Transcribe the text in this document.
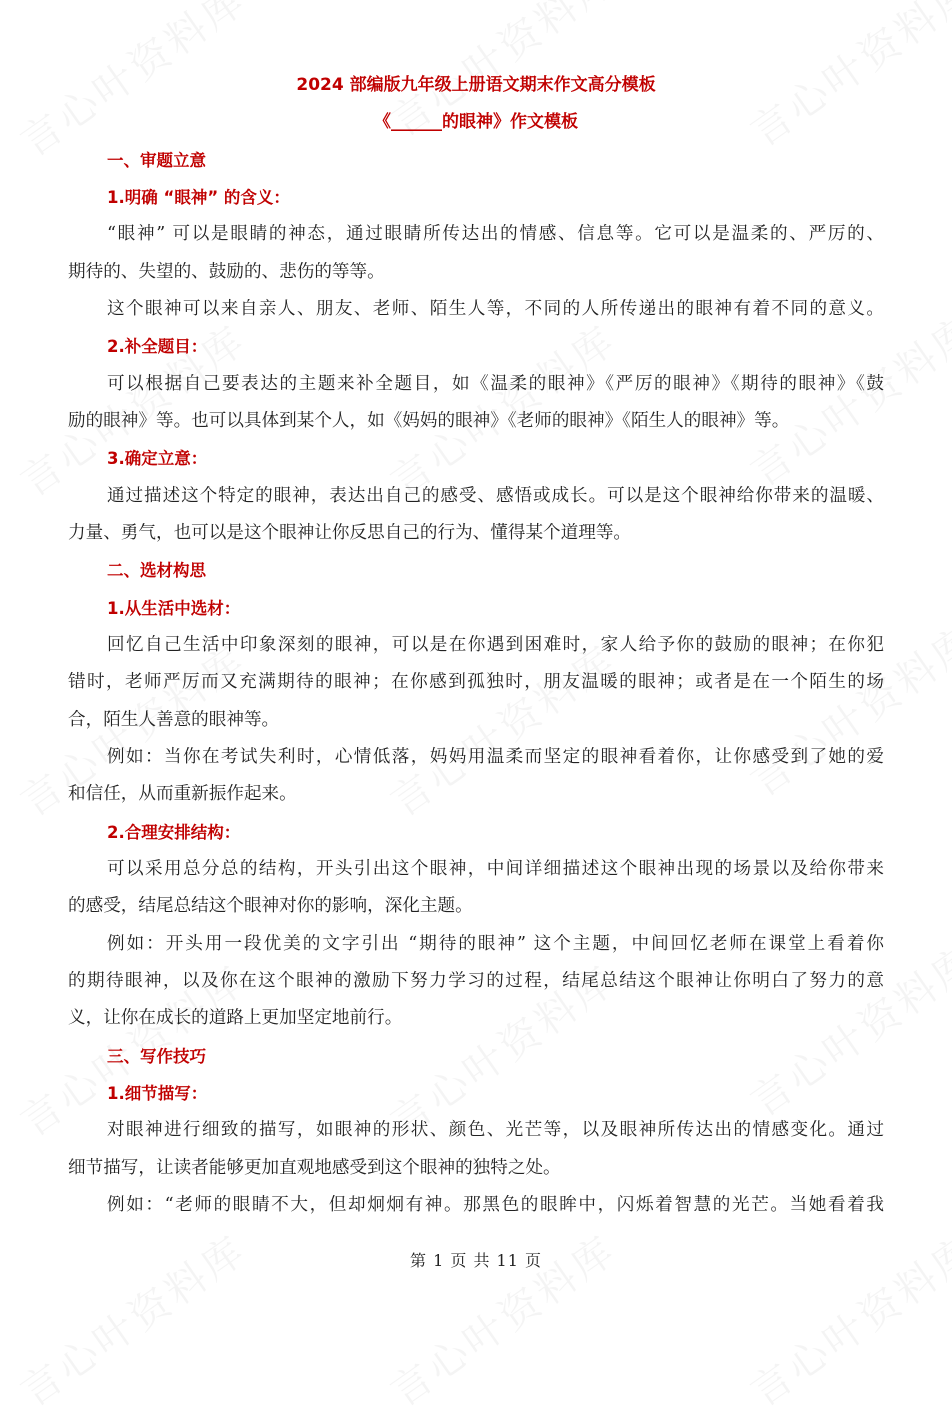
2024 部编版九年级上册语文期末作文高分模板
《______的眼神》作文模板
一、审题立意
1.明确 “眼神” 的含义：
“眼神” 可以是眼睛的神态，通过眼睛所传达出的情感、信息等。它可以是温柔的、严厉的、
期待的、失望的、鼓励的、悲伤的等等。
这个眼神可以来自亲人、朋友、老师、陌生人等，不同的人所传递出的眼神有着不同的意义。
2.补全题目：
可以根据自己要表达的主题来补全题目，如《温柔的眼神》《严厉的眼神》《期待的眼神》《鼓
励的眼神》等。也可以具体到某个人，如《妈妈的眼神》《老师的眼神》《陌生人的眼神》等。
3.确定立意：
通过描述这个特定的眼神，表达出自己的感受、感悟或成长。可以是这个眼神给你带来的温暖、
力量、勇气，也可以是这个眼神让你反思自己的行为、懂得某个道理等。
二、选材构思
1.从生活中选材：
回忆自己生活中印象深刻的眼神，可以是在你遇到困难时，家人给予你的鼓励的眼神；在你犯
错时，老师严厉而又充满期待的眼神；在你感到孤独时，朋友温暖的眼神；或者是在一个陌生的场
合，陌生人善意的眼神等。
例如：当你在考试失利时，心情低落，妈妈用温柔而坚定的眼神看着你，让你感受到了她的爱
和信任，从而重新振作起来。
2.合理安排结构：
可以采用总分总的结构，开头引出这个眼神，中间详细描述这个眼神出现的场景以及给你带来
的感受，结尾总结这个眼神对你的影响，深化主题。
例如：开头用一段优美的文字引出 “期待的眼神” 这个主题，中间回忆老师在课堂上看着你
的期待眼神，以及你在这个眼神的激励下努力学习的过程，结尾总结这个眼神让你明白了努力的意
义，让你在成长的道路上更加坚定地前行。
三、写作技巧
1.细节描写：
对眼神进行细致的描写，如眼神的形状、颜色、光芒等，以及眼神所传达出的情感变化。通过
细节描写，让读者能够更加直观地感受到这个眼神的独特之处。
例如：“老师的眼睛不大，但却炯炯有神。那黑色的眼眸中，闪烁着智慧的光芒。当她看着我
第 1 页 共 11 页
